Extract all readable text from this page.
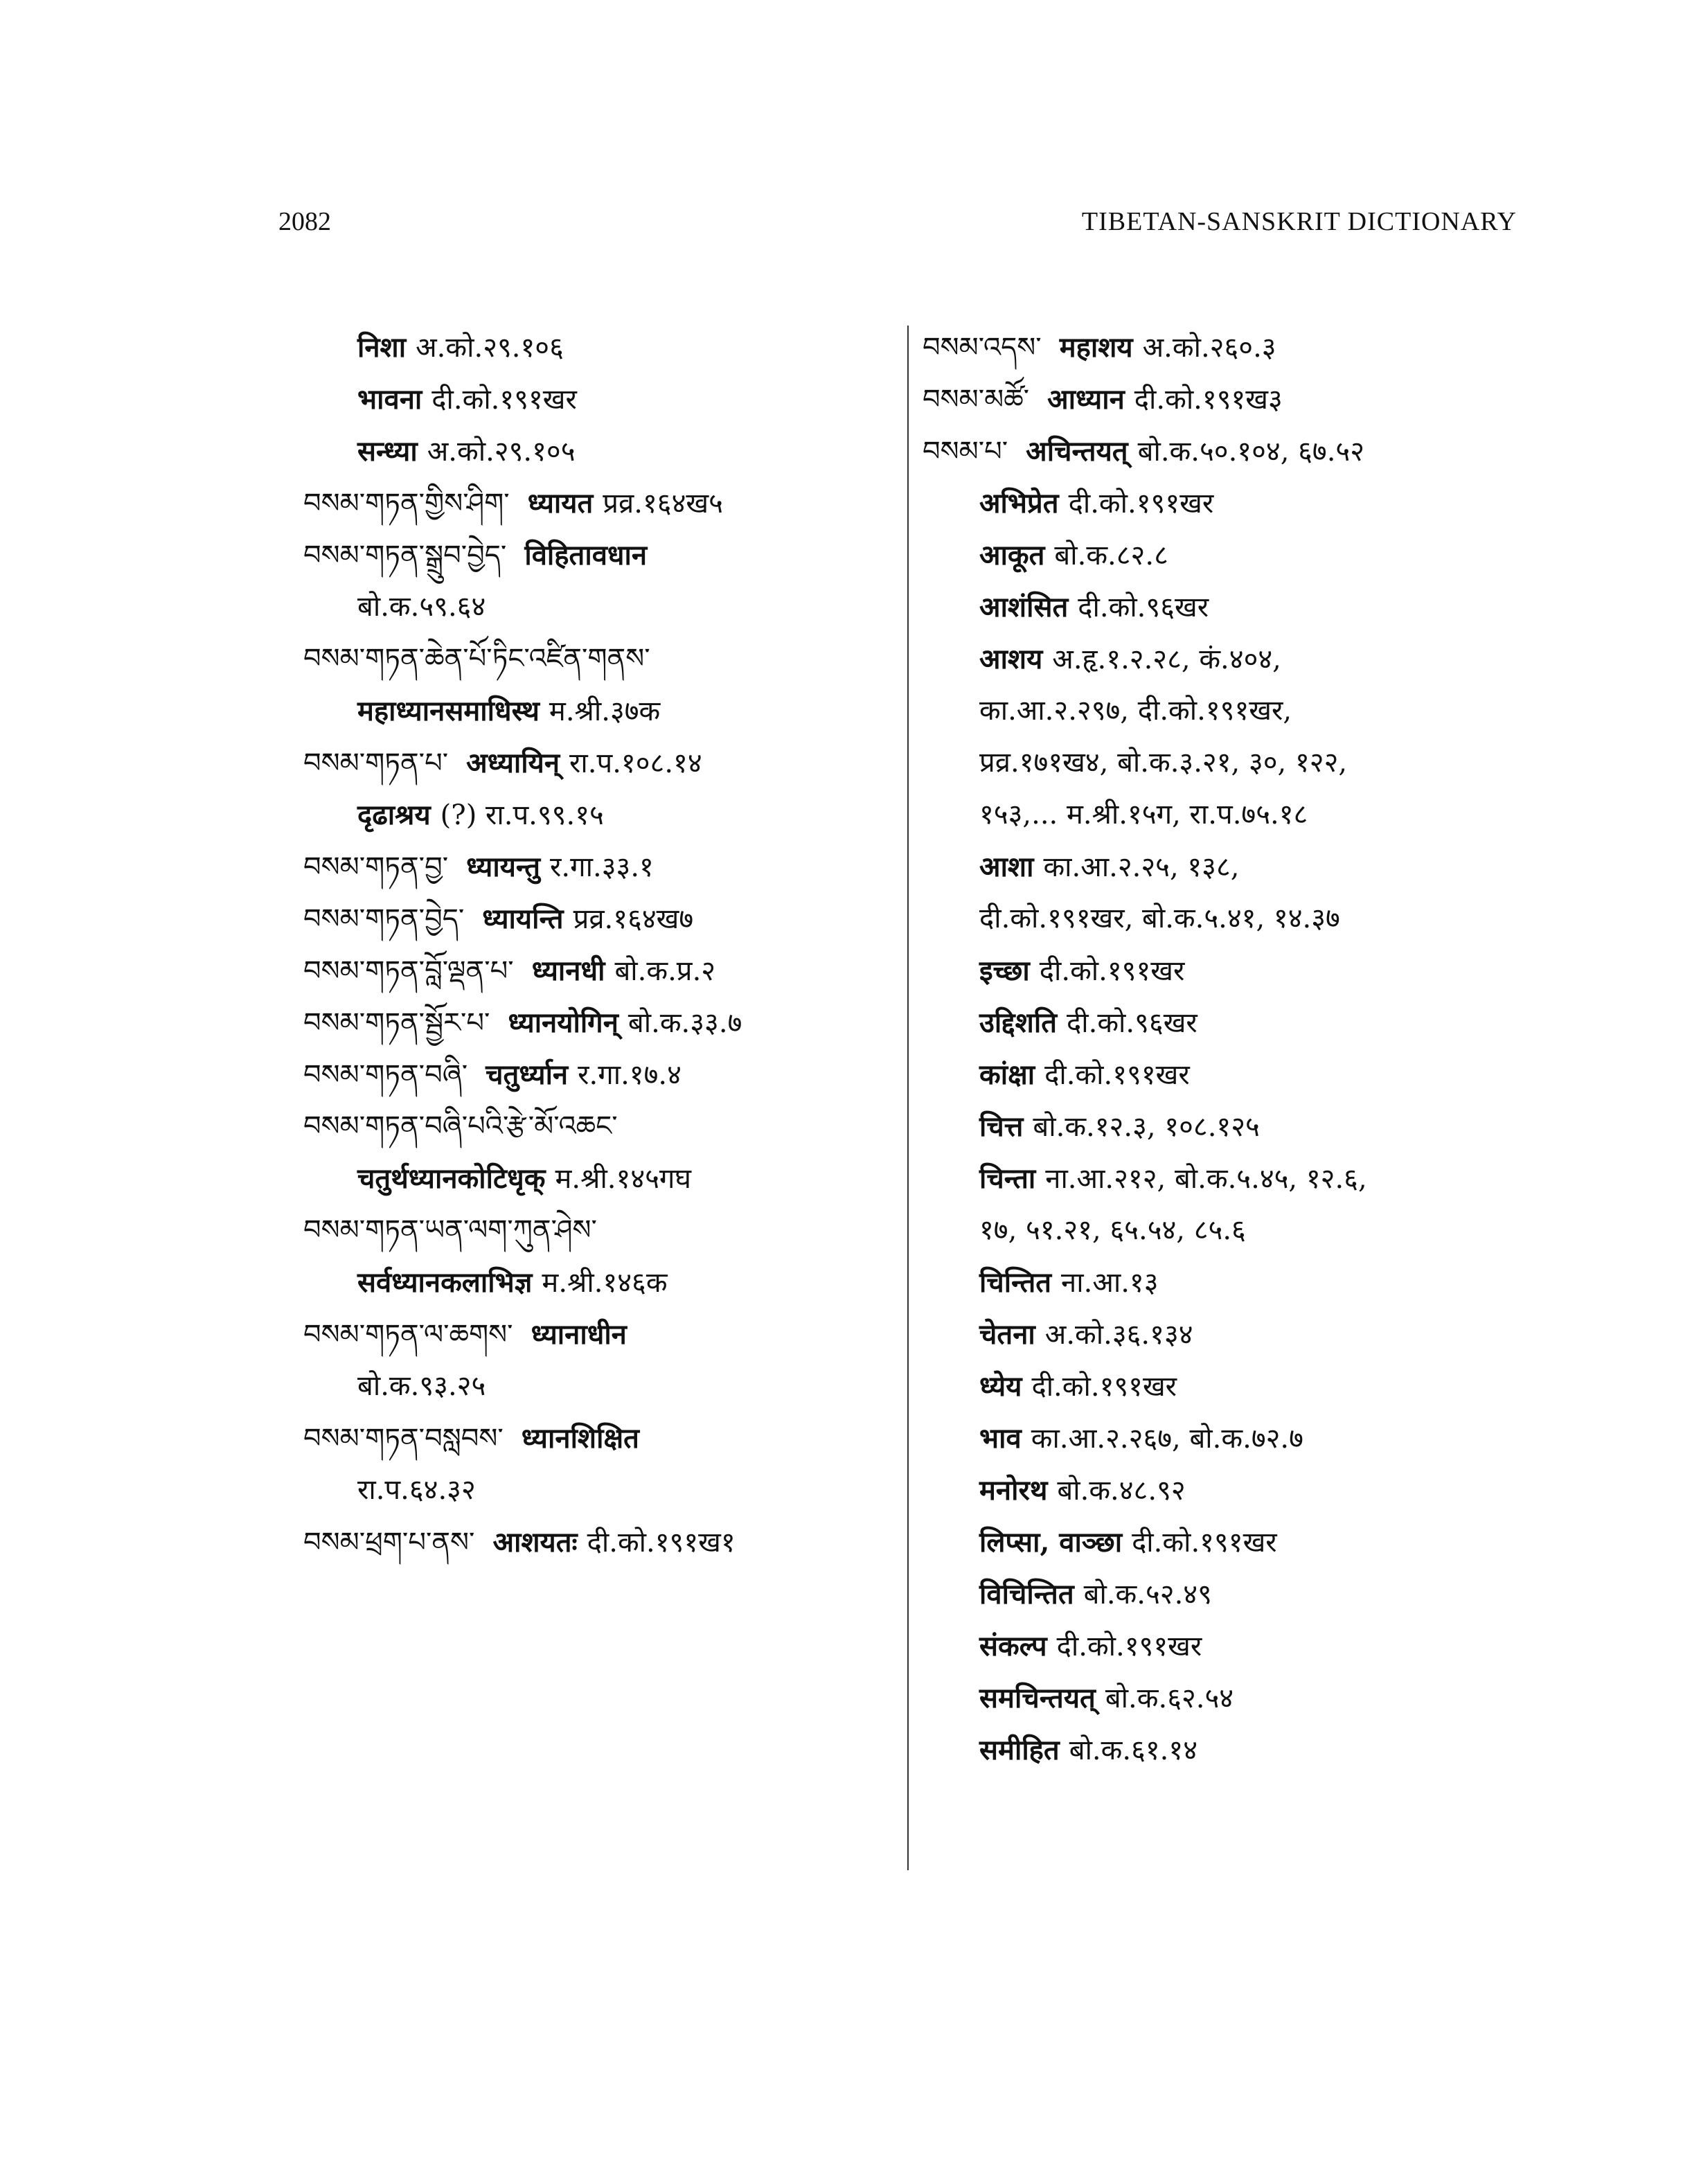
2082	TIBETAN-SANSKRIT DICTIONARY
निशा अ.को.२९.१०६
भावना दी.को.१९१खर
सन्ध्या अ.को.२९.१०५
བསམ་གཏན་གྱིས་ཤིག་ ध्यायत प्रव्र.१६४ख५
བསམ་གཏན་སྒྲུབ་བྱེད་ विहितावधान
बो.क.५९.६४
བསམ་གཏན་ཆེན་པོ་ཏིང་འཛིན་གནས་
महाध्यानसमाधिस्थ म.श्री.३७क
བསམ་གཏན་པ་ अध्यायिन् रा.प.१०८.१४
दृढाश्रय (?) रा.प.९९.१५
བསམ་གཏན་བྱ་ ध्यायन्तु र.गा.३३.१
བསམ་གཏན་བྱེད་ ध्यायन्ति प्रव्र.१६४ख७
བསམ་གཏན་བློ་ལྡན་པ་ ध्यानधी बो.क.प्र.२
བསམ་གཏན་སྦྱོར་པ་ ध्यानयोगिन् बो.क.३३.७
བསམ་གཏན་བཞི་ चतुर्ध्यान र.गा.१७.४
བསམ་གཏན་བཞི་པའི་རྩེ་མོ་འཆང་
चतुर्थध्यानकोटिधृक् म.श्री.१४५गघ
བསམ་གཏན་ཡན་ལག་ཀུན་ཤེས་
सर्वध्यानकलाभिज्ञ म.श्री.१४६क
བསམ་གཏན་ལ་ཆགས་ ध्यानाधीन
बो.क.९३.२५
བསམ་གཏན་བསླབས་ ध्यानशिक्षित
रा.प.६४.३२
བསམ་ཕྲག་པ་ནས་ आशयतः दी.को.१९१ख१
བསམ་འདས་ महाशय अ.को.२६०.३
བསམ་མཚོ་ आध्यान दी.को.१९१ख३
བསམ་པ་ अचिन्तयत् बो.क.५०.१०४, ६७.५२
अभिप्रेत दी.को.१९१खर
आकूत बो.क.८२.८
आशंसित दी.को.९६खर
आशय अ.हृ.१.२.२८, कं.४०४,
का.आ.२.२९७, दी.को.१९१खर,
प्रव्र.१७१ख४, बो.क.३.२१, ३०, १२२,
१५३,... म.श्री.१५ग, रा.प.७५.१८
आशा का.आ.२.२५, १३८,
दी.को.१९१खर, बो.क.५.४१, १४.३७
इच्छा दी.को.१९१खर
उद्दिशति दी.को.९६खर
कांक्षा दी.को.१९१खर
चित्त बो.क.१२.३, १०८.१२५
चिन्ता ना.आ.२१२, बो.क.५.४५, १२.६,
१७, ५१.२१, ६५.५४, ८५.६
चिन्तित ना.आ.१३
चेतना अ.को.३६.१३४
ध्येय दी.को.१९१खर
भाव का.आ.२.२६७, बो.क.७२.७
मनोरथ बो.क.४८.९२
लिप्सा, वाञ्छा दी.को.१९१खर
विचिन्तित बो.क.५२.४९
संकल्प दी.को.१९१खर
समचिन्तयत् बो.क.६२.५४
समीहित बो.क.६१.१४
